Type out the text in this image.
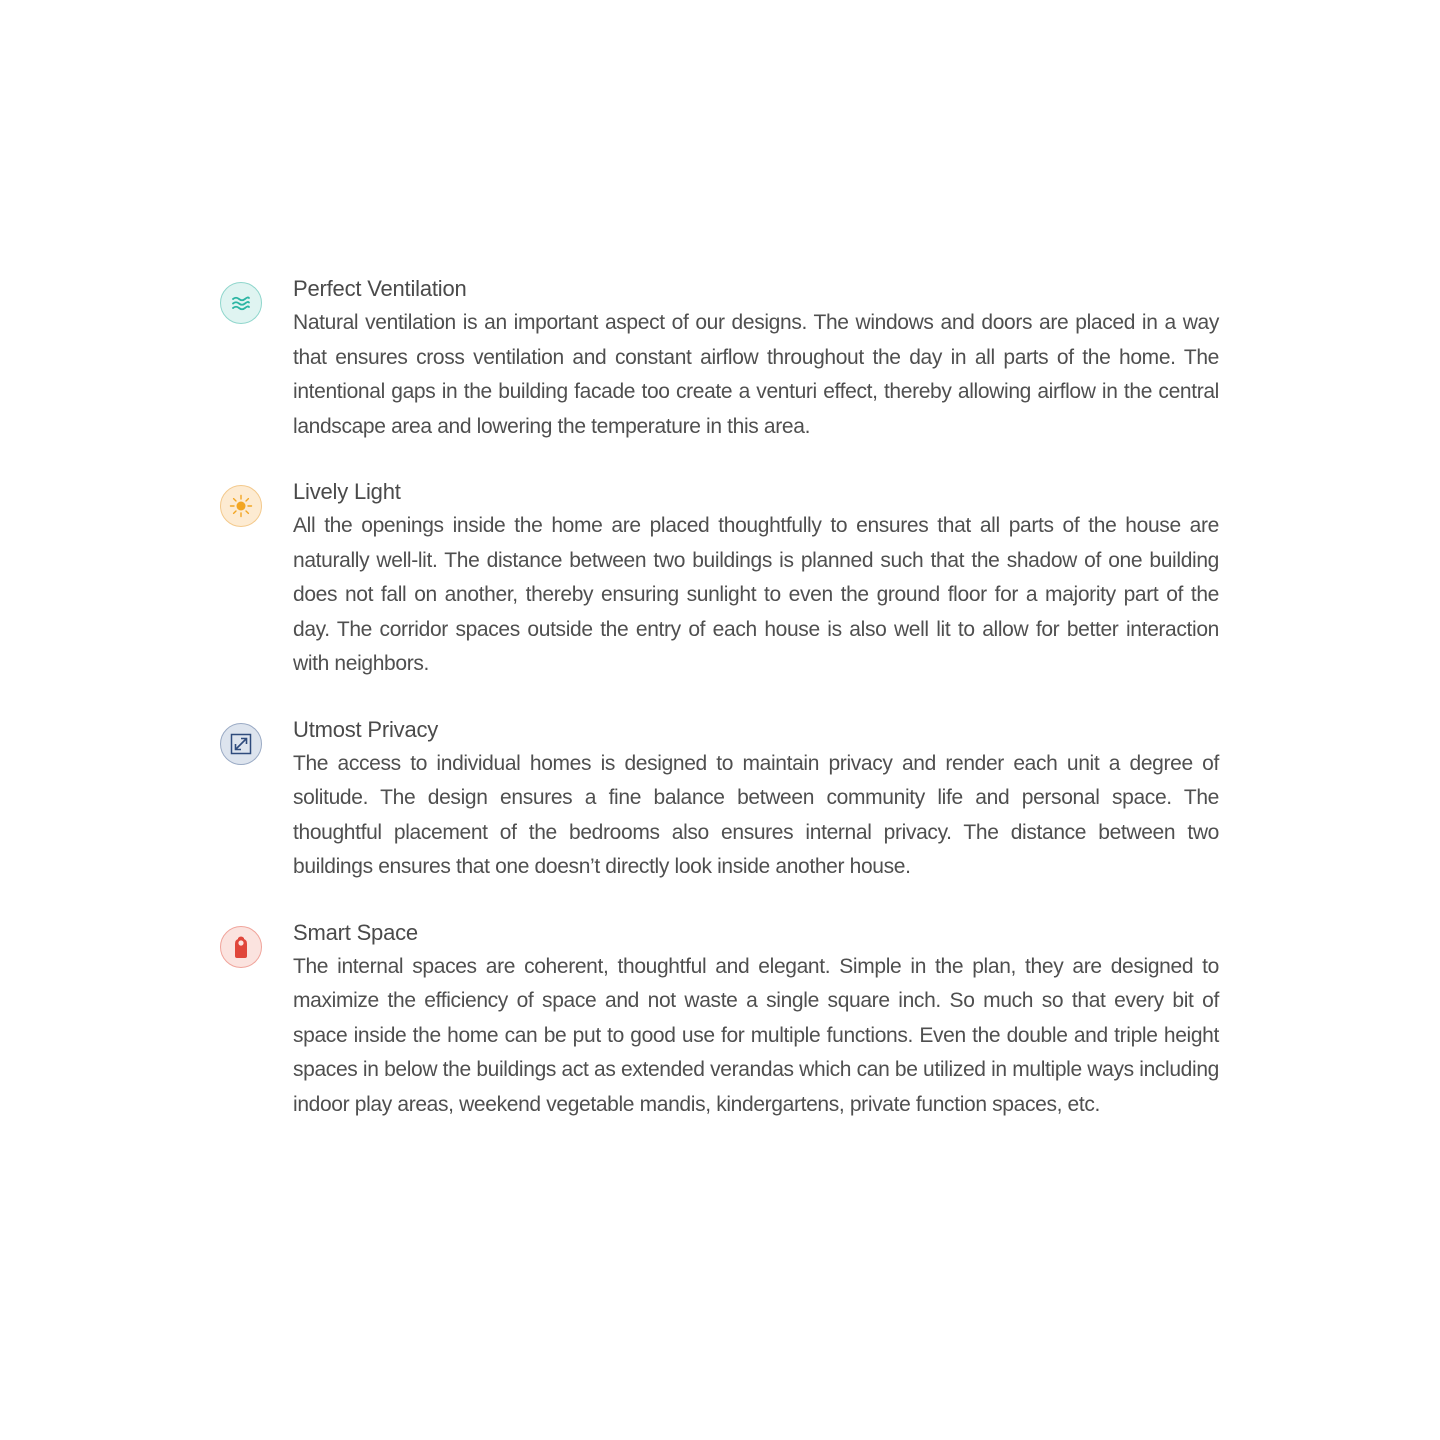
Perfect Ventilation

Natural ventilation is an important aspect of our designs. The windows and doors are placed in a way that ensures cross ventilation and constant airflow throughout the day in all parts of the home. The intentional gaps in the building facade too create a venturi effect, thereby allowing airflow in the central landscape area and lowering the temperature in this area.

Lively Light

All the openings inside the home are placed thoughtfully to ensures that all parts of the house are naturally well-lit. The distance between two buildings is planned such that the shadow of one building does not fall on another, thereby ensuring sunlight to even the ground floor for a majority part of the day. The corridor spaces outside the entry of each house is also well lit to allow for better interaction with neighbors.

Utmost Privacy

The access to individual homes is designed to maintain privacy and render each unit a degree of solitude. The design ensures a fine balance between community life and personal space. The thoughtful placement of the bedrooms also ensures internal privacy. The distance between two buildings ensures that one doesn’t directly look inside another house.

Smart Space

The internal spaces are coherent, thoughtful and elegant. Simple in the plan, they are designed to maximize the efficiency of space and not waste a single square inch. So much so that every bit of space inside the home can be put to good use for multiple functions. Even the double and triple height spaces in below the buildings act as extended verandas which can be utilized in multiple ways including indoor play areas, weekend vegetable mandis, kindergartens, private function spaces, etc.
